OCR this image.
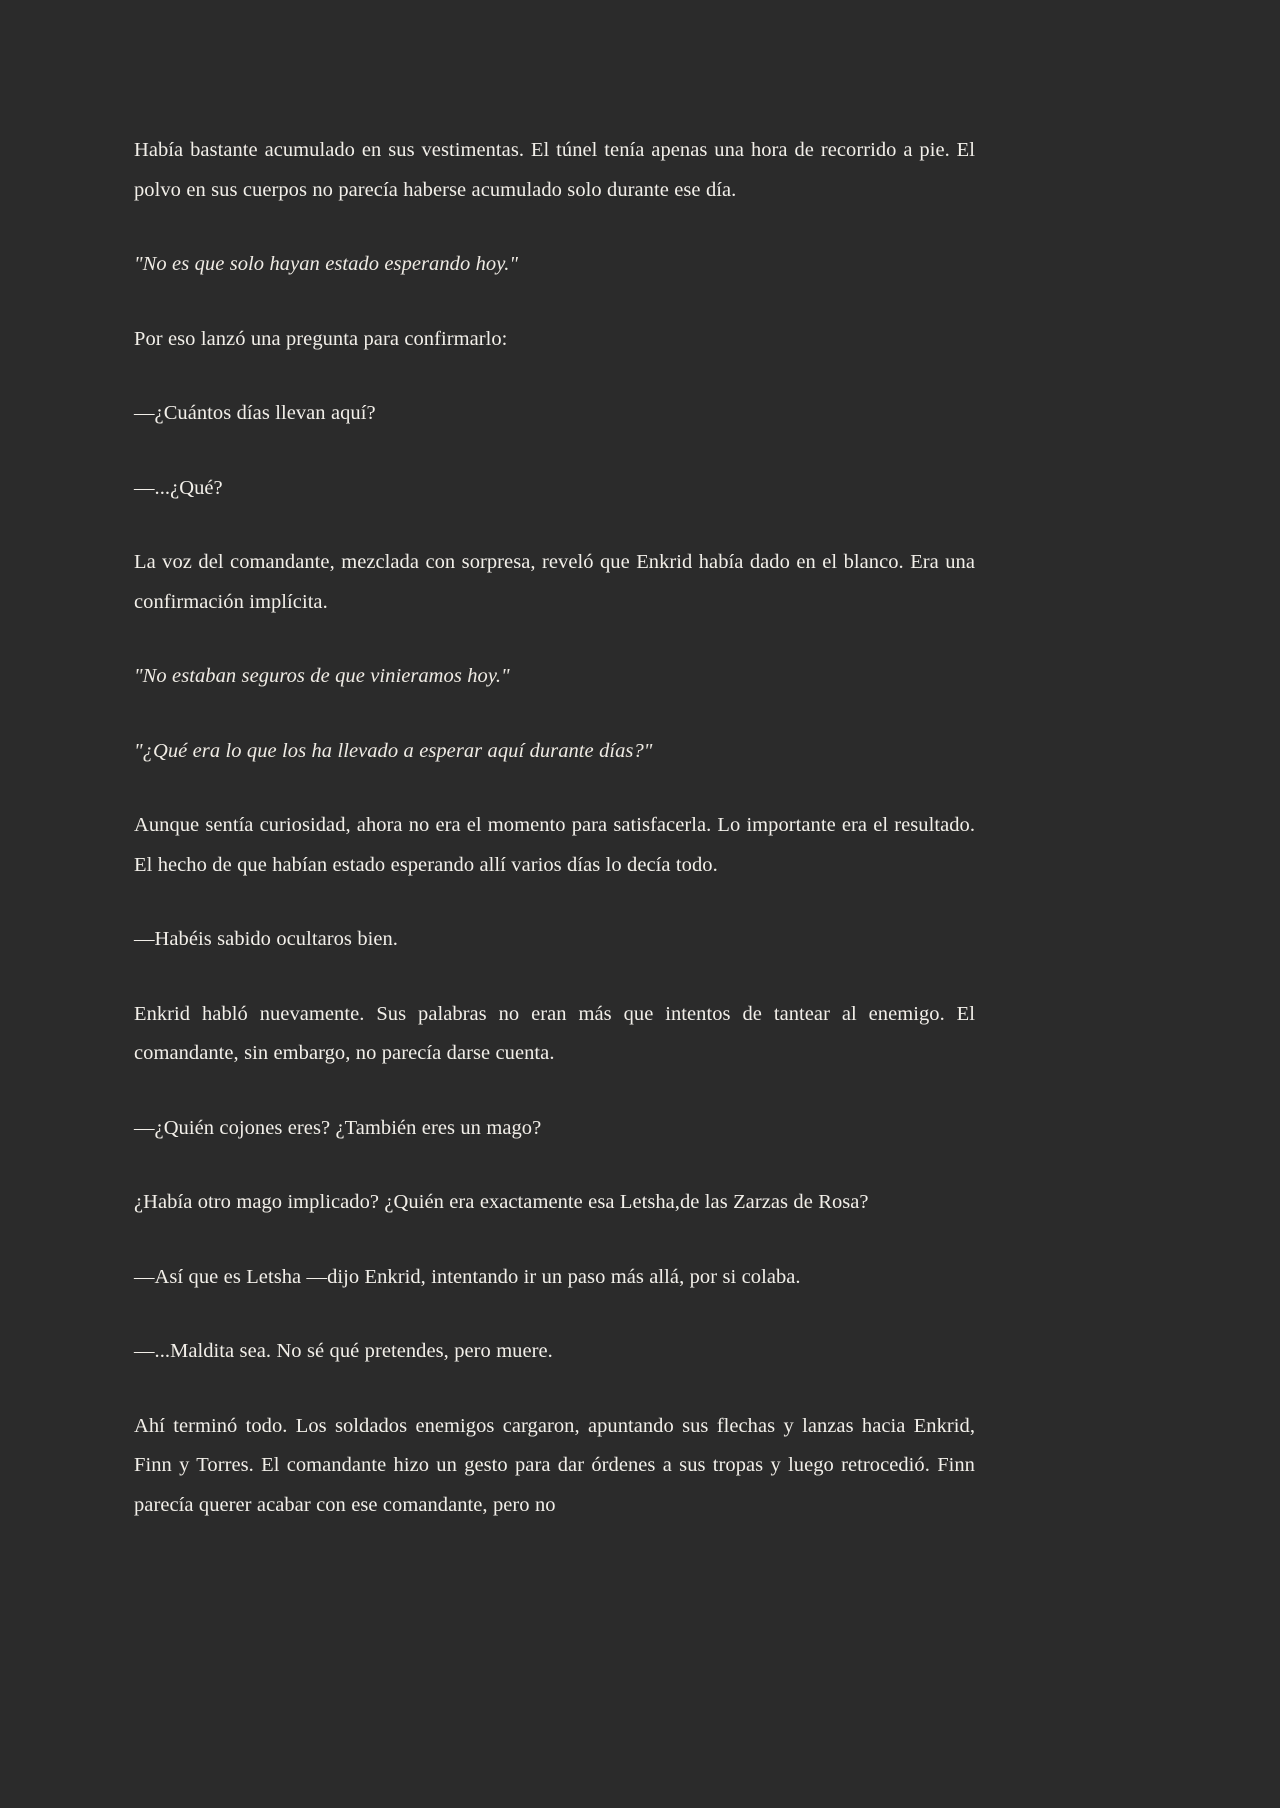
Había bastante acumulado en sus vestimentas. El túnel tenía apenas una hora de recorrido a pie. El polvo en sus cuerpos no parecía haberse acumulado solo durante ese día.

"No es que solo hayan estado esperando hoy."

Por eso lanzó una pregunta para confirmarlo:

—¿Cuántos días llevan aquí?

—...¿Qué?

La voz del comandante, mezclada con sorpresa, reveló que Enkrid había dado en el blanco. Era una confirmación implícita.

"No estaban seguros de que vinieramos hoy."

"¿Qué era lo que los ha llevado a esperar aquí durante días?"

Aunque sentía curiosidad, ahora no era el momento para satisfacerla. Lo importante era el resultado. El hecho de que habían estado esperando allí varios días lo decía todo.

—Habéis sabido ocultaros bien.

Enkrid habló nuevamente. Sus palabras no eran más que intentos de tantear al enemigo. El comandante, sin embargo, no parecía darse cuenta.

—¿Quién cojones eres? ¿También eres un mago?

¿Había otro mago implicado? ¿Quién era exactamente esa Letsha,de las Zarzas de Rosa?

—Así que es Letsha —dijo Enkrid, intentando ir un paso más allá, por si colaba.

—...Maldita sea. No sé qué pretendes, pero muere.

Ahí terminó todo. Los soldados enemigos cargaron, apuntando sus flechas y lanzas hacia Enkrid, Finn y Torres. El comandante hizo un gesto para dar órdenes a sus tropas y luego retrocedió. Finn parecía querer acabar con ese comandante, pero no
